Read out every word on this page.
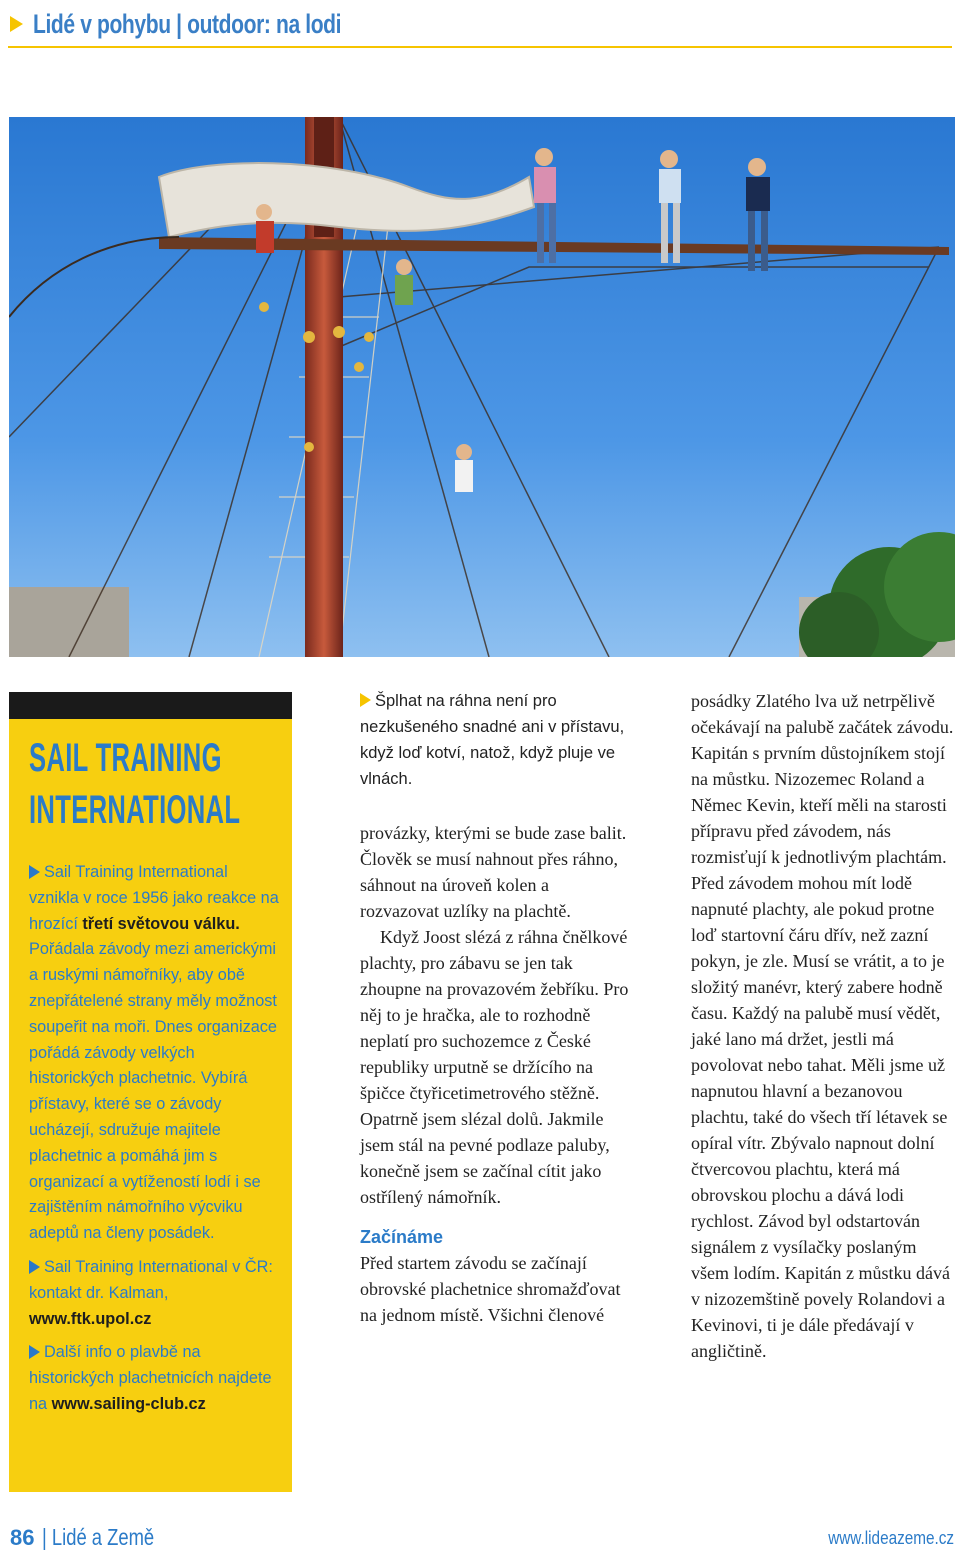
Lidé v pohybu | outdoor: na lodi
SAIL TRAINING
INTERNATIONAL

Sail Training International vznikla v roce 1956 jako reakce na hrozící třetí světovou válku. Pořádala závody mezi americkými a ruskými námořníky, aby obě znepřátelené strany měly možnost soupeřit na moři. Dnes organizace pořádá závody velkých historických plachetnic. Vybírá přístavy, které se o závody ucházejí, sdružuje majitele plachetnic a pomáhá jim s organizací a vytížeností lodí i se zajištěním námořního výcviku adeptů na členy posádek.

Sail Training International v ČR: kontakt dr. Kalman, www.ftk.upol.cz

Další info o plavbě na historických plachetnicích najdete na www.sailing-club.cz

Šplhat na ráhna není pro nezkušeného snadné ani v přístavu, když loď kotví, natož, když pluje ve vlnách.

provázky, kterými se bude zase balit. Člověk se musí nahnout přes ráhno, sáhnout na úroveň kolen a rozvazovat uzlíky na plachtě.

Když Joost slézá z ráhna čnělkové plachty, pro zábavu se jen tak zhoupne na provazovém žebříku. Pro něj to je hračka, ale to rozhodně neplatí pro suchozemce z České republiky urputně se držícího na špičce čtyřicetimetrového stěžně. Opatrně jsem slézal dolů. Jakmile jsem stál na pevné podlaze paluby, konečně jsem se začínal cítit jako ostřílený námořník.

Začínáme

Před startem závodu se začínají obrovské plachetnice shromažďovat na jednom místě. Všichni členové

posádky Zlatého lva už netrpělivě očekávají na palubě začátek závodu. Kapitán s prvním důstojníkem stojí na můstku. Nizozemec Roland a Němec Kevin, kteří měli na starosti přípravu před závodem, nás rozmisťují k jednotlivým plachtám. Před závodem mohou mít lodě napnuté plachty, ale pokud protne loď startovní čáru dřív, než zazní pokyn, je zle. Musí se vrátit, a to je složitý manévr, který zabere hodně času. Každý na palubě musí vědět, jaké lano má držet, jestli má povolovat nebo tahat. Měli jsme už napnutou hlavní a bezanovou plachtu, také do všech tří létavek se opíral vítr. Zbývalo napnout dolní čtvercovou plachtu, která má obrovskou plochu a dává lodi rychlost. Závod byl odstartován signálem z vysílačky poslaným všem lodím. Kapitán z můstku dává v nizozemštině povely Rolandovi a Kevinovi, ti je dále předávají v angličtině.

86 | Lidé a Země	www.lideazeme.cz
